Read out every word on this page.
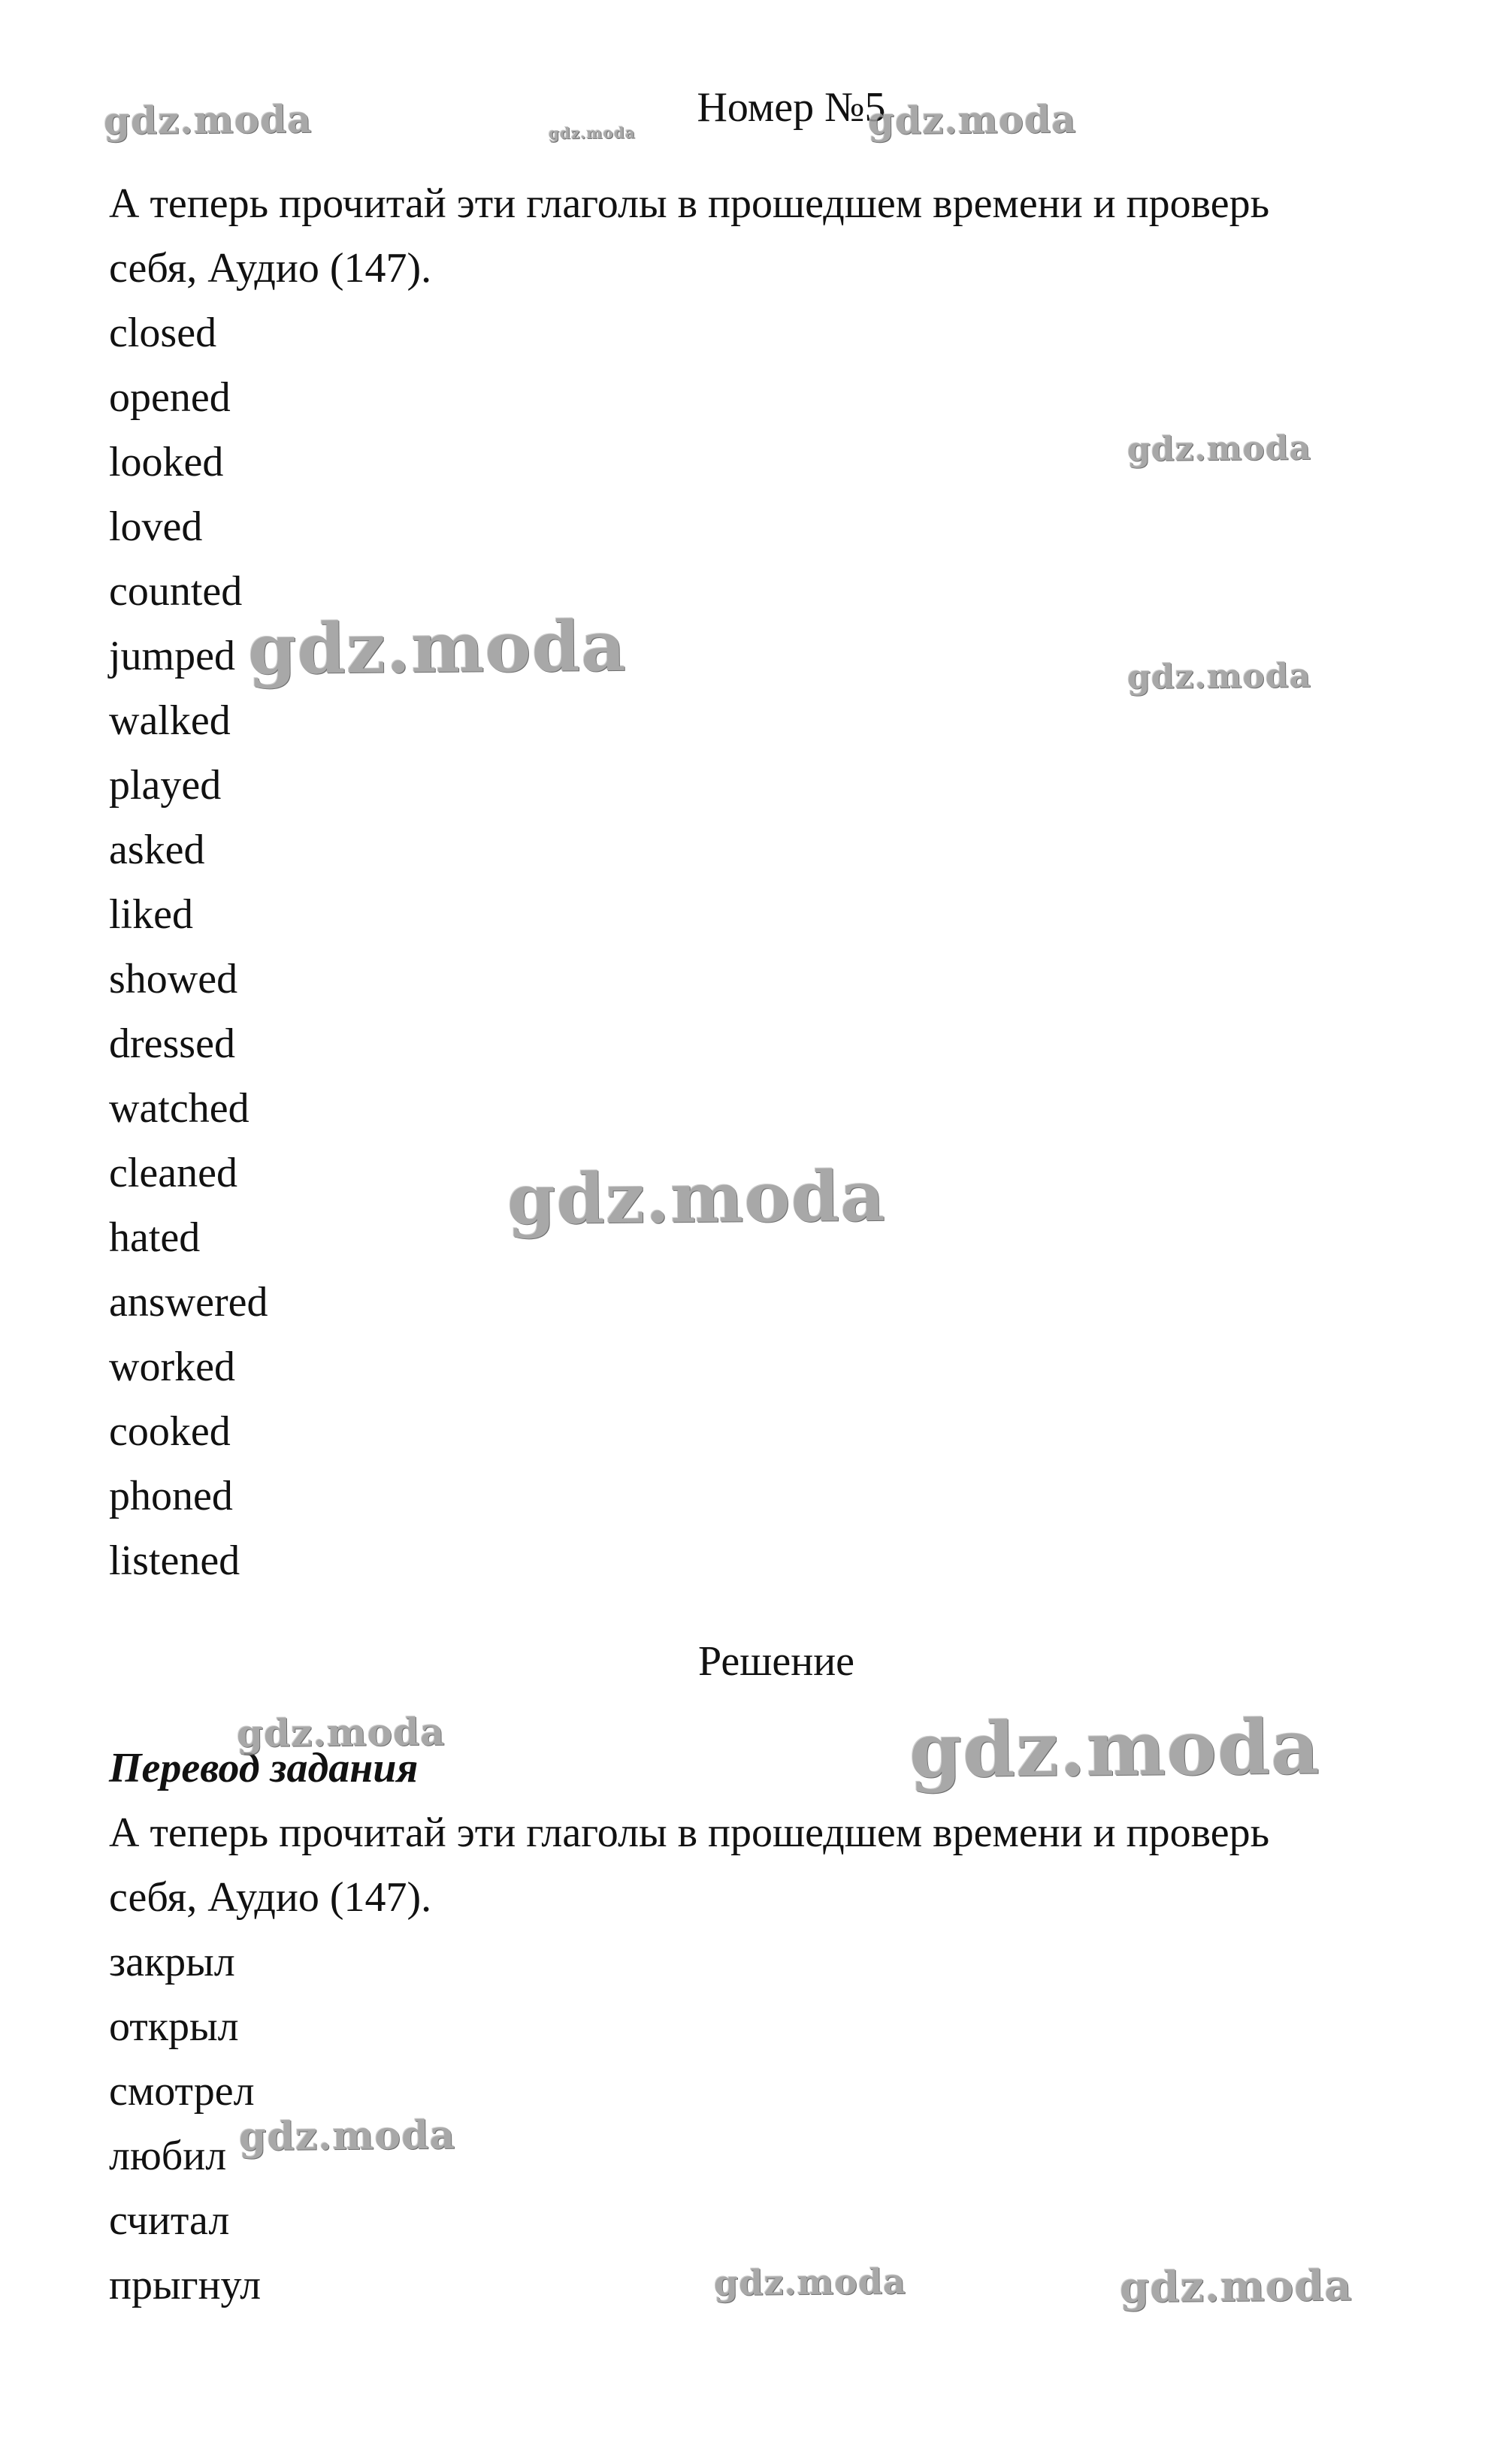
Номер №5
А теперь прочитай эти глаголы в прошедшем времени и проверь
себя, Аудио (147).
closed
opened
looked
loved
counted
jumped
walked
played
asked
liked
showed
dressed
watched
cleaned
hated
answered
worked
cooked
phoned
listened
Решение
Перевод задания
А теперь прочитай эти глаголы в прошедшем времени и проверь
себя, Аудио (147).
закрыл
открыл
смотрел
любил
считал
прыгнул
gdz.moda	gdz.moda	gdz.moda
gdz.moda
gdz.moda	gdz.moda
gdz.moda
gdz.moda	gdz.moda
gdz.moda
gdz.moda	gdz.moda
